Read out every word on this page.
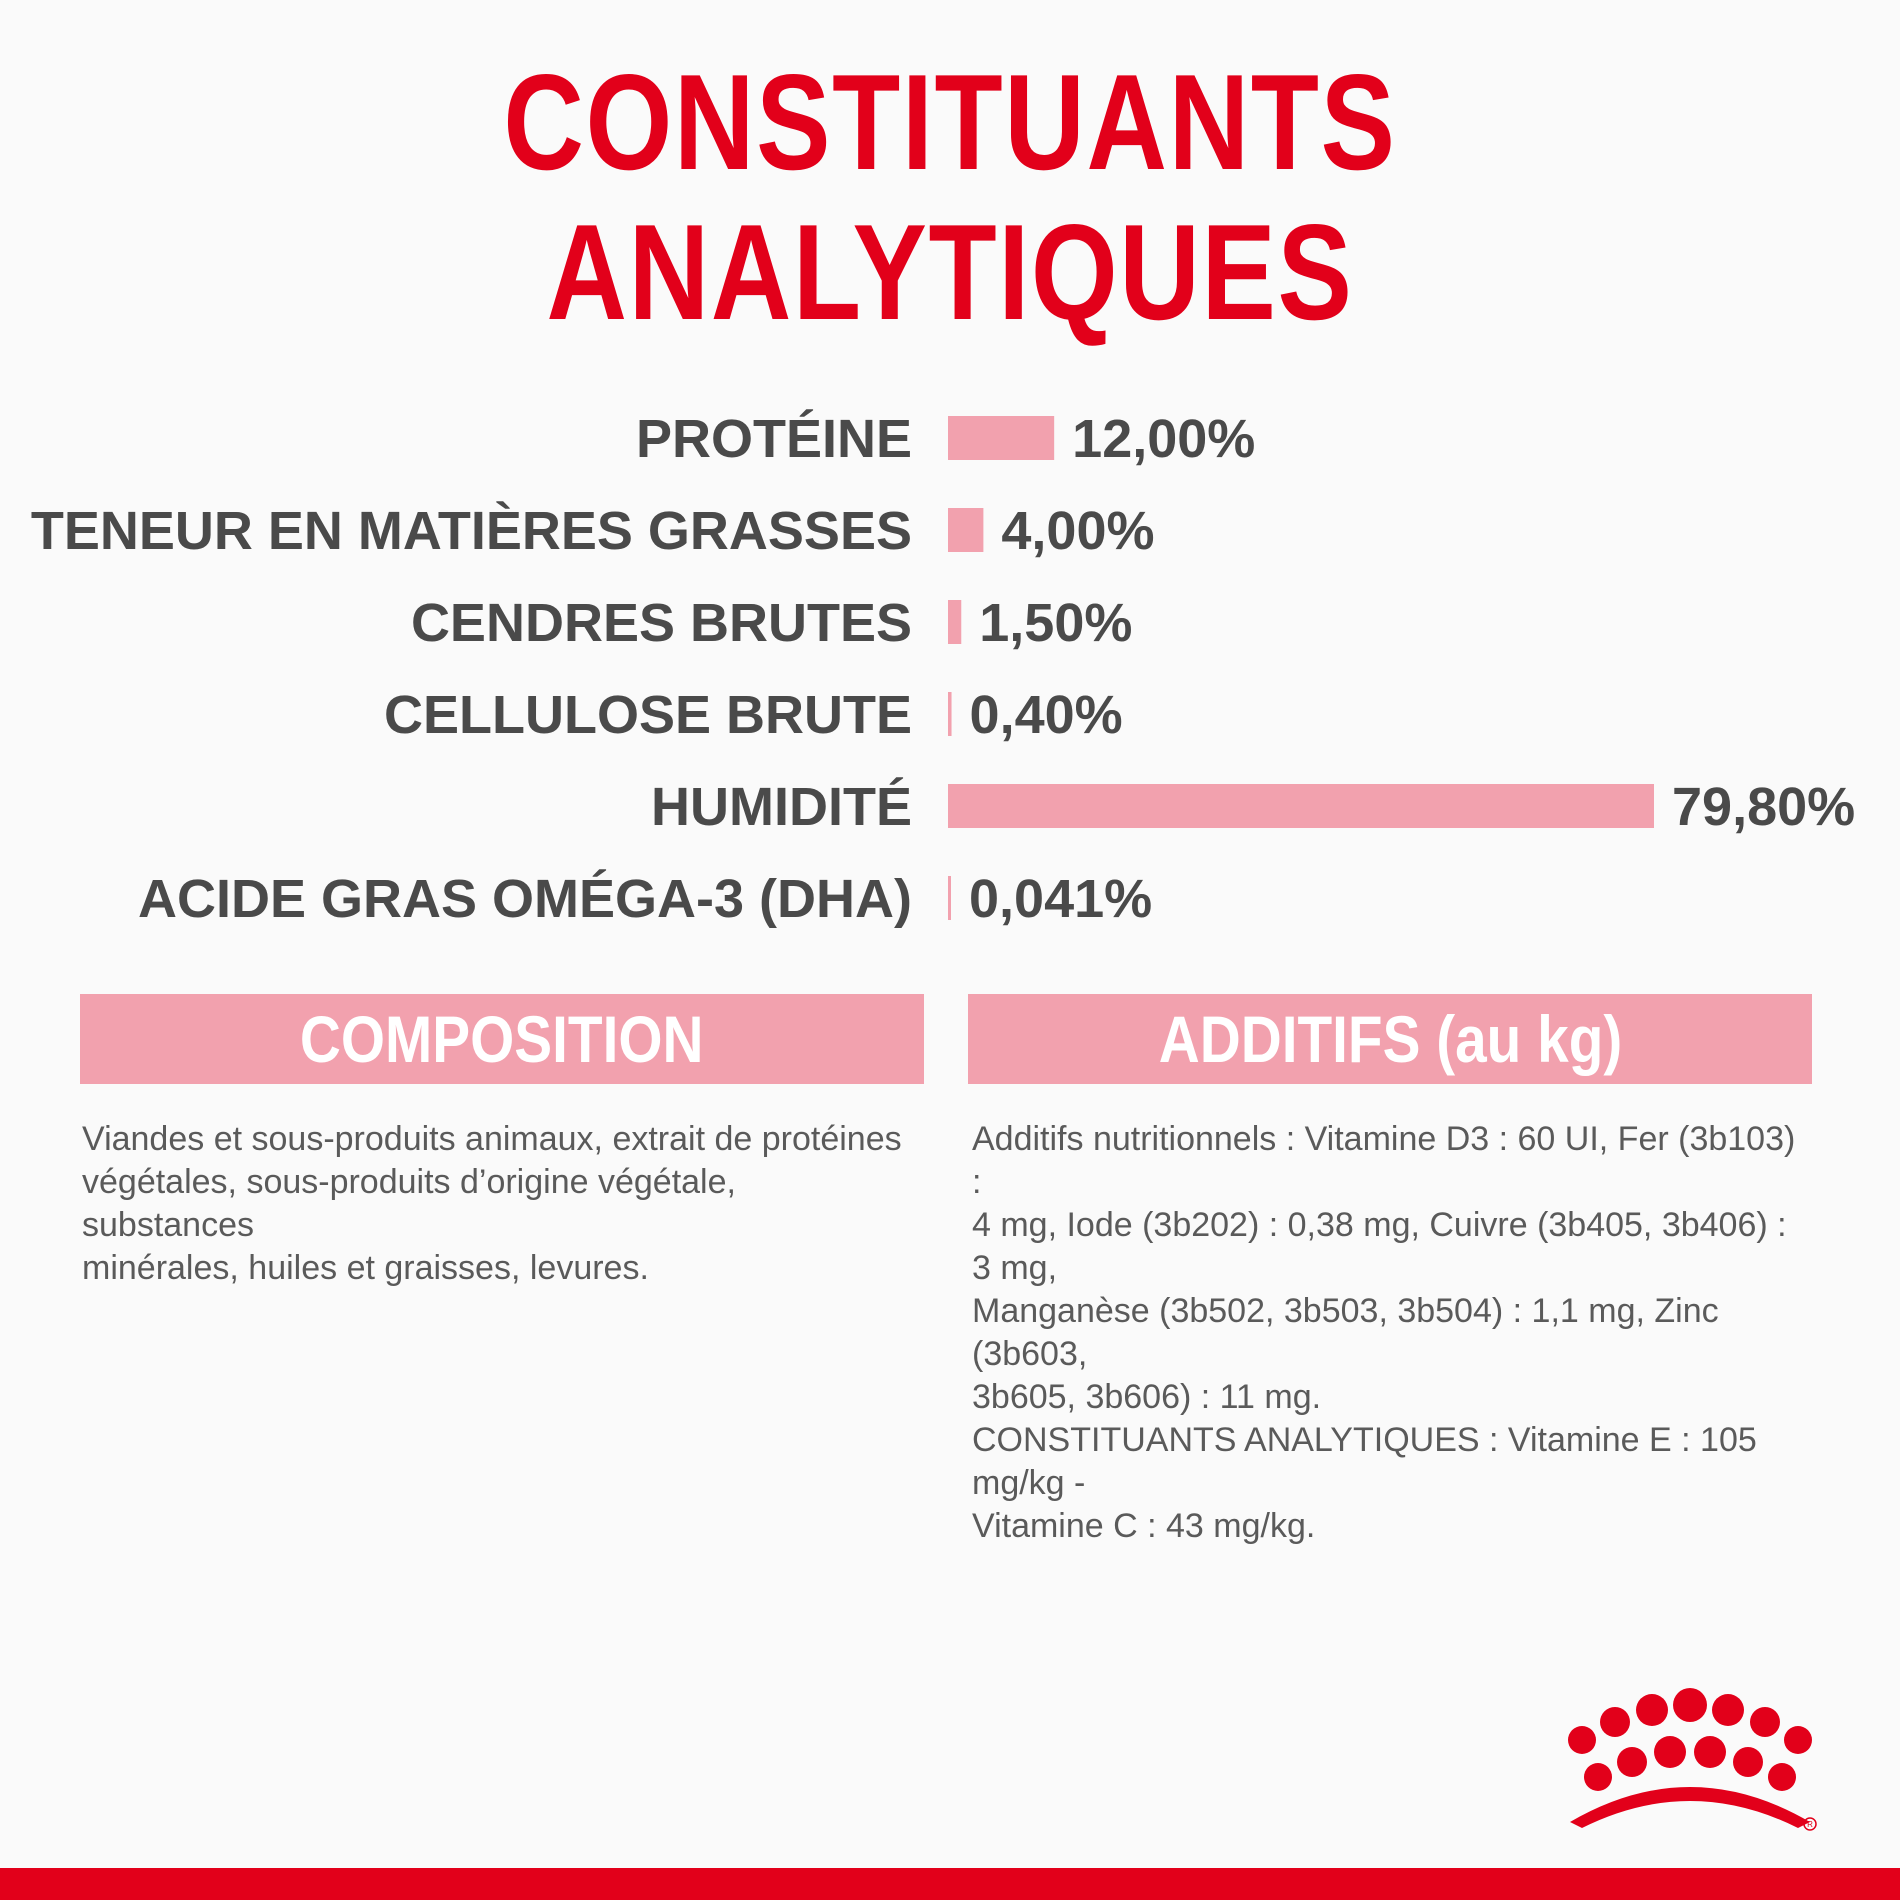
CONSTITUANTS ANALYTIQUES
PROTÉINE	12,00%
TENEUR EN MATIÈRES GRASSES 4,00%
CENDRES BRUTES 1,50%
CELLULOSE BRUTE 0,40%
HUMIDITÉ	79,80%
ACIDE GRAS OMÉGA-3 (DHA) 0,041%
COMPOSITION	ADDITIFS (au kg)
Viandes et sous-produits animaux, extrait de protéines
végétales, sous-produits d’origine végétale, substances
minérales, huiles et graisses, levures.
Additifs nutritionnels : Vitamine D3 : 60 UI, Fer (3b103) :
4 mg, Iode (3b202) : 0,38 mg, Cuivre (3b405, 3b406) : 3 mg,
Manganèse (3b502, 3b503, 3b504) : 1,1 mg, Zinc (3b603,
3b605, 3b606) : 11 mg.
CONSTITUANTS ANALYTIQUES : Vitamine E : 105 mg/kg -
Vitamine C : 43 mg/kg.
R
